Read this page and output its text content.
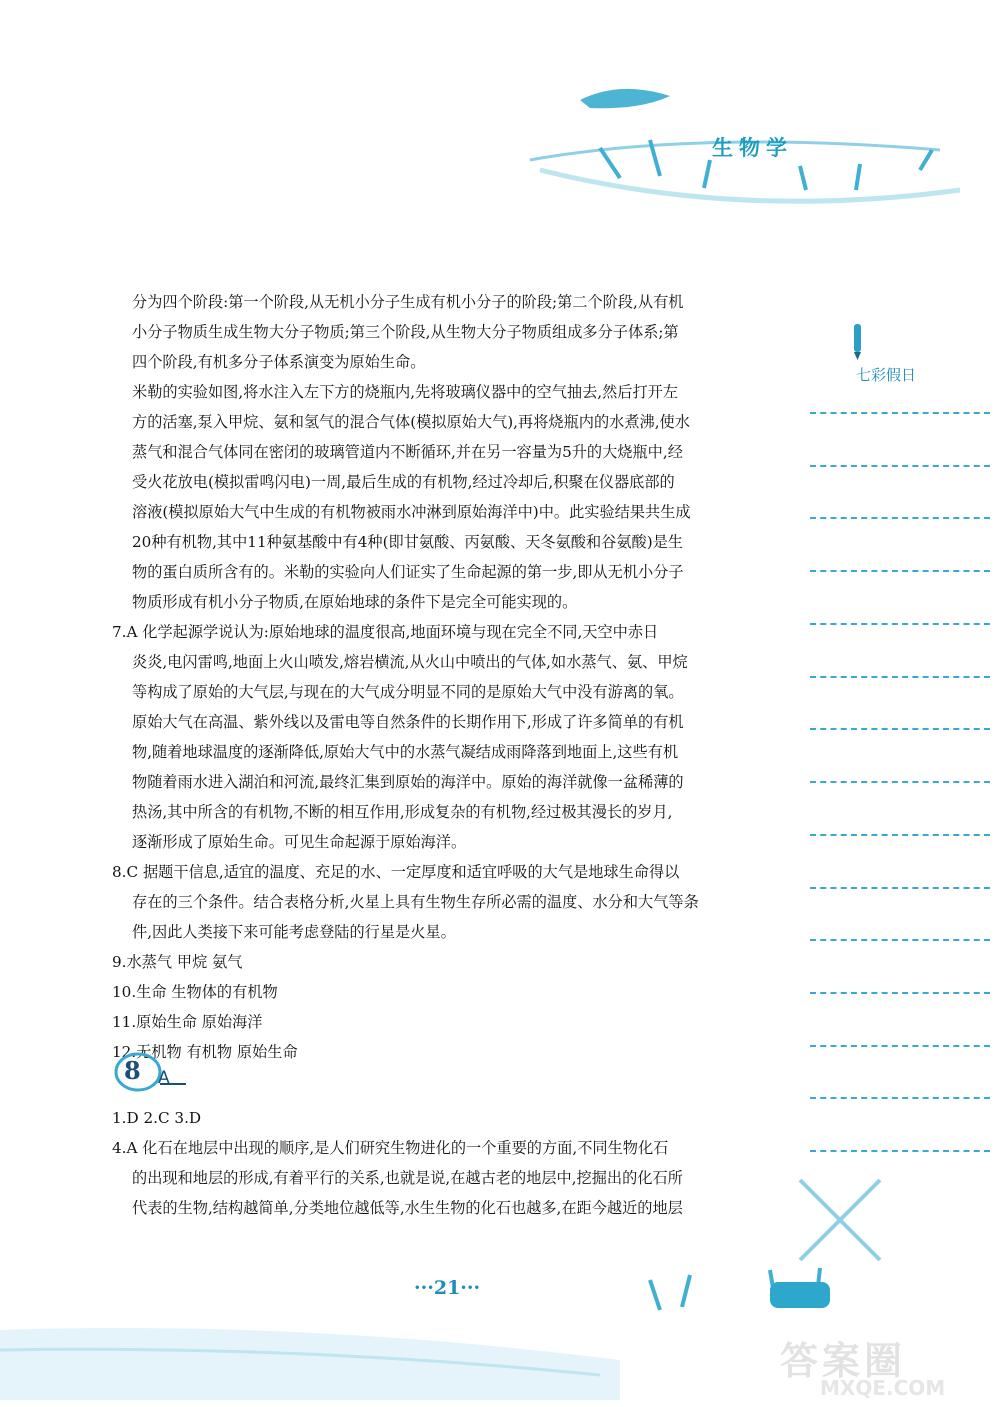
生物学
七彩假日
分为四个阶段:第一个阶段,从无机小分子生成有机小分子的阶段;第二个阶段,从有机
小分子物质生成生物大分子物质;第三个阶段,从生物大分子物质组成多分子体系;第
四个阶段,有机多分子体系演变为原始生命。
米勒的实验如图,将水注入左下方的烧瓶内,先将玻璃仪器中的空气抽去,然后打开左
方的活塞,泵入甲烷、氨和氢气的混合气体(模拟原始大气),再将烧瓶内的水煮沸,使水
蒸气和混合气体同在密闭的玻璃管道内不断循环,并在另一容量为5升的大烧瓶中,经
受火花放电(模拟雷鸣闪电)一周,最后生成的有机物,经过冷却后,积聚在仪器底部的
溶液(模拟原始大气中生成的有机物被雨水冲淋到原始海洋中)中。此实验结果共生成
20种有机物,其中11种氨基酸中有4种(即甘氨酸、丙氨酸、天冬氨酸和谷氨酸)是生
物的蛋白质所含有的。米勒的实验向人们证实了生命起源的第一步,即从无机小分子
物质形成有机小分子物质,在原始地球的条件下是完全可能实现的。
7.A 化学起源学说认为:原始地球的温度很高,地面环境与现在完全不同,天空中赤日
炎炎,电闪雷鸣,地面上火山喷发,熔岩横流,从火山中喷出的气体,如水蒸气、氨、甲烷
等构成了原始的大气层,与现在的大气成分明显不同的是原始大气中没有游离的氧。
原始大气在高温、紫外线以及雷电等自然条件的长期作用下,形成了许多简单的有机
物,随着地球温度的逐渐降低,原始大气中的水蒸气凝结成雨降落到地面上,这些有机
物随着雨水进入湖泊和河流,最终汇集到原始的海洋中。原始的海洋就像一盆稀薄的
热汤,其中所含的有机物,不断的相互作用,形成复杂的有机物,经过极其漫长的岁月,
逐渐形成了原始生命。可见生命起源于原始海洋。
8.C 据题干信息,适宜的温度、充足的水、一定厚度和适宜呼吸的大气是地球生命得以
存在的三个条件。结合表格分析,火星上具有生物生存所必需的温度、水分和大气等条
件,因此人类接下来可能考虑登陆的行星是火星。
9.水蒸气 甲烷 氨气
10.生命 生物体的有机物
11.原始生命 原始海洋
12.无机物 有机物 原始生命
1.D 2.C 3.D
4.A 化石在地层中出现的顺序,是人们研究生物进化的一个重要的方面,不同生物化石
的出现和地层的形成,有着平行的关系,也就是说,在越古老的地层中,挖掘出的化石所
代表的生物,结构越简单,分类地位越低等,水生生物的化石也越多,在距今越近的地层
8 A
···21···
答案圈
MXQE.COM
